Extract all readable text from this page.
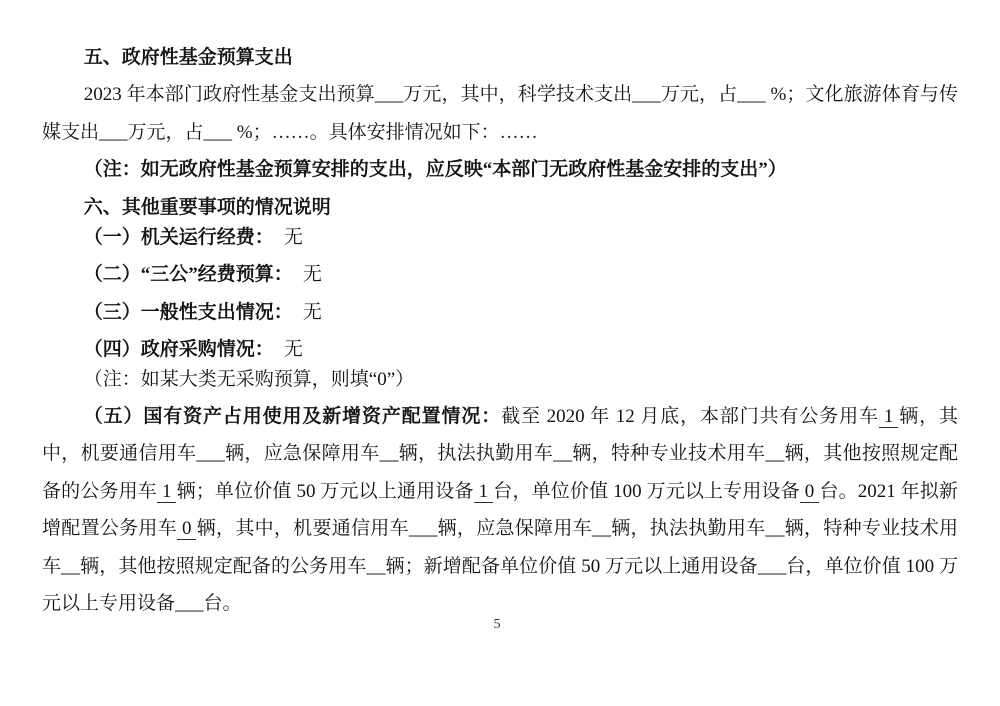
五、政府性基金预算支出

2023 年本部门政府性基金支出预算___万元，其中，科学技术支出___万元，占___ %；文化旅游体育与传媒支出___万元，占___ %；……。具体安排情况如下：……

（注：如无政府性基金预算安排的支出，应反映“本部门无政府性基金安排的支出”）

六、其他重要事项的情况说明

（一）机关运行经费： 无

（二）“三公”经费预算： 无

（三）一般性支出情况： 无

（四）政府采购情况： 无

（注：如某大类无采购预算，则填“0”）

（五）国有资产占用使用及新增资产配置情况：截至 2020 年 12 月底，本部门共有公务用车 1 辆，其中，机要通信用车___辆，应急保障用车__辆，执法执勤用车__辆，特种专业技术用车__辆，其他按照规定配备的公务用车 1 辆；单位价值 50 万元以上通用设备 1 台，单位价值 100 万元以上专用设备 0 台。2021 年拟新增配置公务用车 0 辆，其中，机要通信用车___辆，应急保障用车__辆，执法执勤用车__辆，特种专业技术用车__辆，其他按照规定配备的公务用车__辆；新增配备单位价值 50 万元以上通用设备___台，单位价值 100 万元以上专用设备___台。

5
